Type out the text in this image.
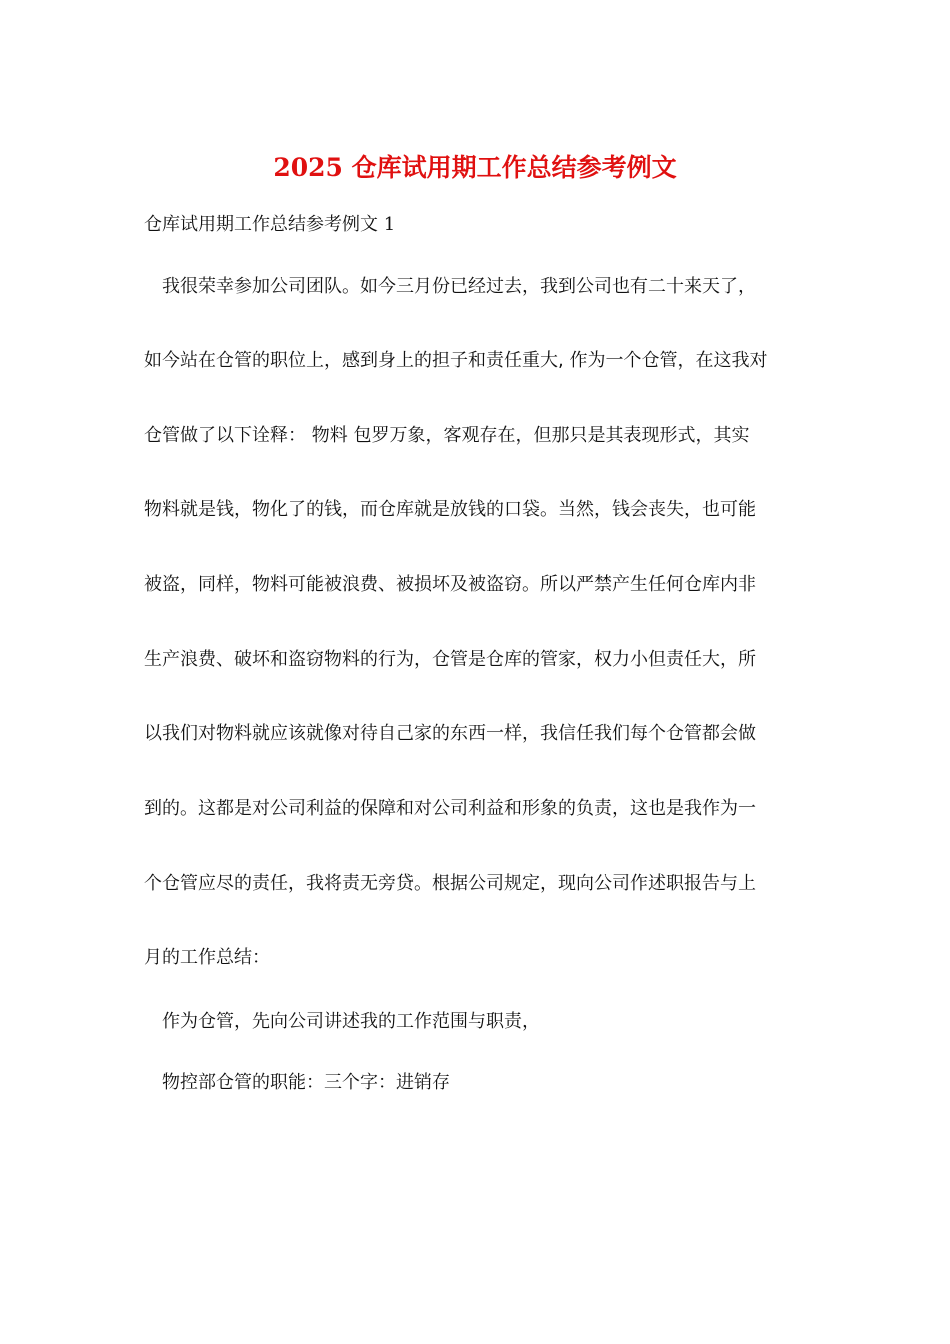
2025 仓库试用期工作总结参考例文
仓库试用期工作总结参考例文 1
我很荣幸参加公司团队。如今三月份已经过去，我到公司也有二十来天了，
如今站在仓管的职位上，感到身上的担子和责任重大, 作为一个仓管，在这我对
仓管做了以下诠释： 物料 包罗万象，客观存在，但那只是其表现形式，其实
物料就是钱，物化了的钱，而仓库就是放钱的口袋。当然，钱会丧失，也可能
被盗，同样，物料可能被浪费、被损坏及被盗窃。所以严禁产生任何仓库内非
生产浪费、破坏和盗窃物料的行为，仓管是仓库的管家，权力小但责任大，所
以我们对物料就应该就像对待自己家的东西一样，我信任我们每个仓管都会做
到的。这都是对公司利益的保障和对公司利益和形象的负责，这也是我作为一
个仓管应尽的责任，我将责无旁贷。根据公司规定，现向公司作述职报告与上
月的工作总结：
作为仓管，先向公司讲述我的工作范围与职责，
物控部仓管的职能：三个字：进销存
